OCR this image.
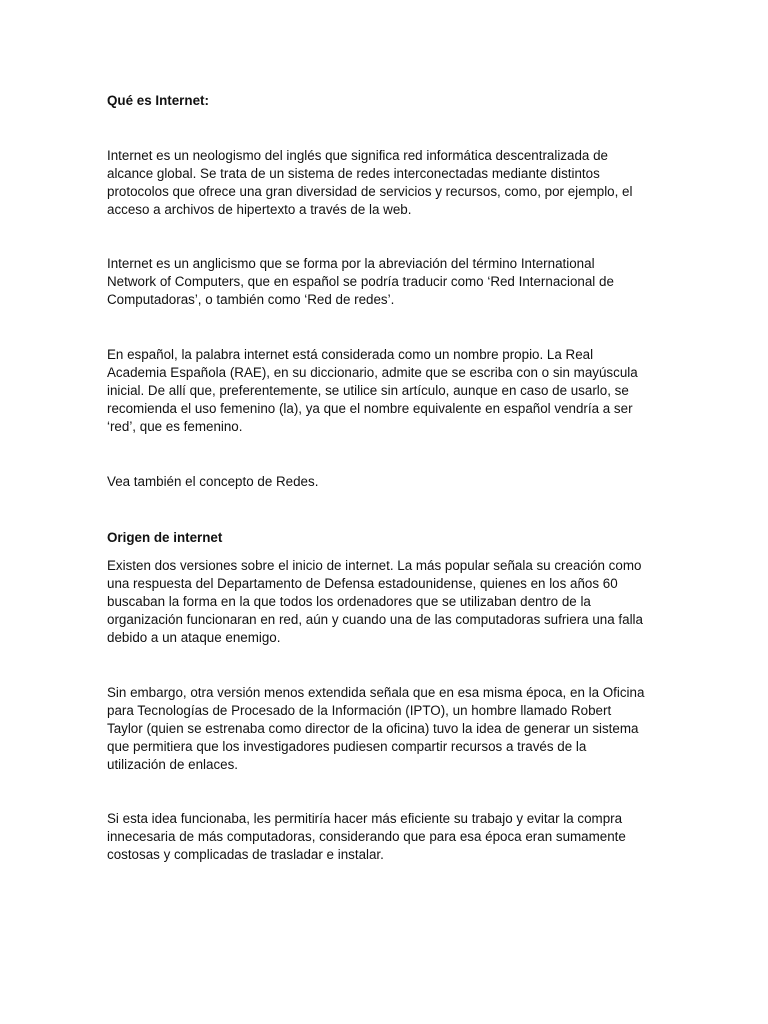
Qué es Internet:

Internet es un neologismo del inglés que significa red informática descentralizada de
alcance global. Se trata de un sistema de redes interconectadas mediante distintos
protocolos que ofrece una gran diversidad de servicios y recursos, como, por ejemplo, el
acceso a archivos de hipertexto a través de la web.

Internet es un anglicismo que se forma por la abreviación del término International
Network of Computers, que en español se podría traducir como ‘Red Internacional de
Computadoras’, o también como ‘Red de redes’.

En español, la palabra internet está considerada como un nombre propio. La Real
Academia Española (RAE), en su diccionario, admite que se escriba con o sin mayúscula
inicial. De allí que, preferentemente, se utilice sin artículo, aunque en caso de usarlo, se
recomienda el uso femenino (la), ya que el nombre equivalente en español vendría a ser
‘red’, que es femenino.

Vea también el concepto de Redes.

Origen de internet

Existen dos versiones sobre el inicio de internet. La más popular señala su creación como
una respuesta del Departamento de Defensa estadounidense, quienes en los años 60
buscaban la forma en la que todos los ordenadores que se utilizaban dentro de la
organización funcionaran en red, aún y cuando una de las computadoras sufriera una falla
debido a un ataque enemigo.

Sin embargo, otra versión menos extendida señala que en esa misma época, en la Oficina
para Tecnologías de Procesado de la Información (IPTO), un hombre llamado Robert
Taylor (quien se estrenaba como director de la oficina) tuvo la idea de generar un sistema
que permitiera que los investigadores pudiesen compartir recursos a través de la
utilización de enlaces.

Si esta idea funcionaba, les permitiría hacer más eficiente su trabajo y evitar la compra
innecesaria de más computadoras, considerando que para esa época eran sumamente
costosas y complicadas de trasladar e instalar.
